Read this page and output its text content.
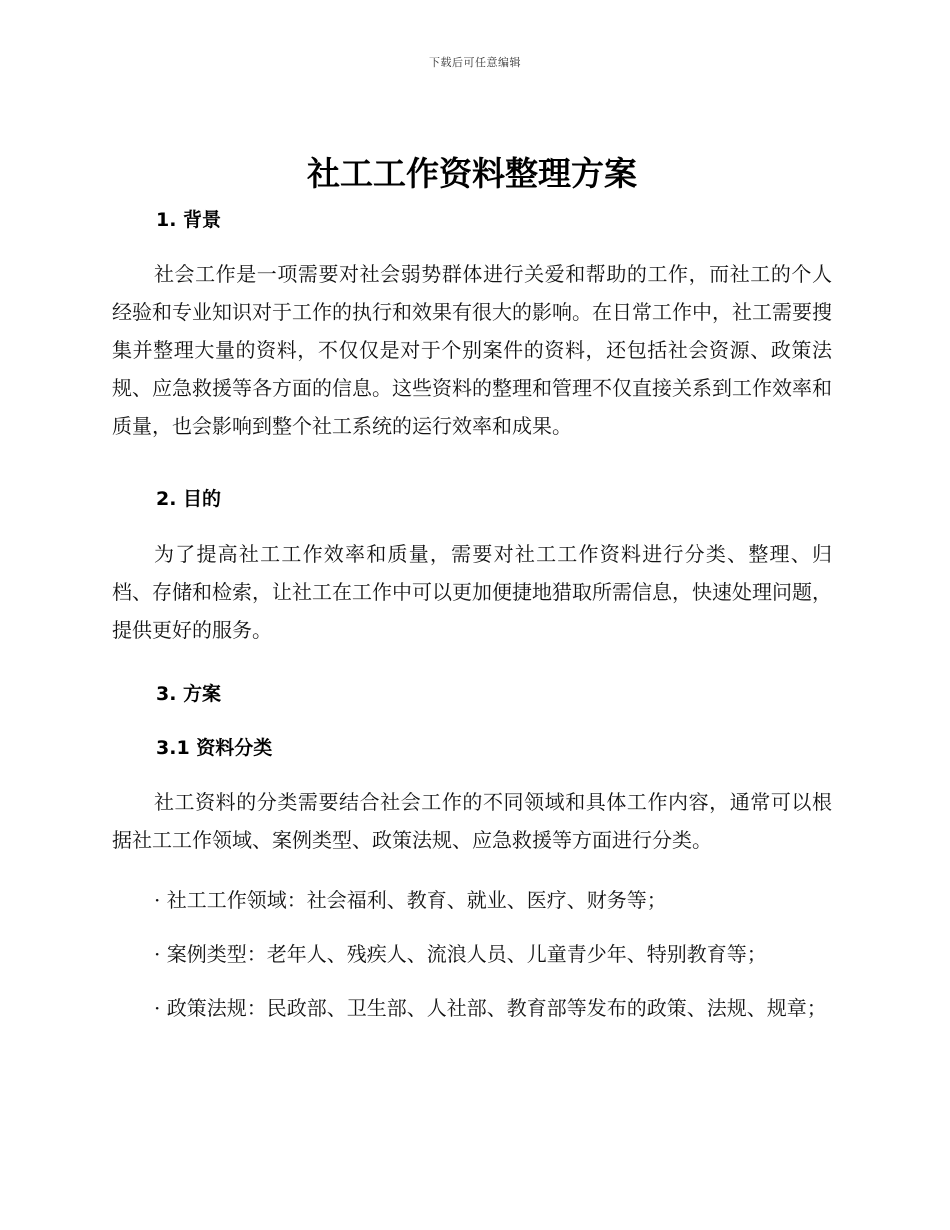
下载后可任意编辑
社工工作资料整理方案
1. 背景

社会工作是一项需要对社会弱势群体进行关爱和帮助的工作，而社工的个人经验和专业知识对于工作的执行和效果有很大的影响。在日常工作中，社工需要搜集并整理大量的资料，不仅仅是对于个别案件的资料，还包括社会资源、政策法规、应急救援等各方面的信息。这些资料的整理和管理不仅直接关系到工作效率和质量，也会影响到整个社工系统的运行效率和成果。

2. 目的

为了提高社工工作效率和质量，需要对社工工作资料进行分类、整理、归档、存储和检索，让社工在工作中可以更加便捷地猎取所需信息，快速处理问题，提供更好的服务。

3. 方案
3.1 资料分类

社工资料的分类需要结合社会工作的不同领域和具体工作内容，通常可以根据社工工作领域、案例类型、政策法规、应急救援等方面进行分类。

· 社工工作领域：社会福利、教育、就业、医疗、财务等；

· 案例类型：老年人、残疾人、流浪人员、儿童青少年、特别教育等；

· 政策法规：民政部、卫生部、人社部、教育部等发布的政策、法规、规章；
